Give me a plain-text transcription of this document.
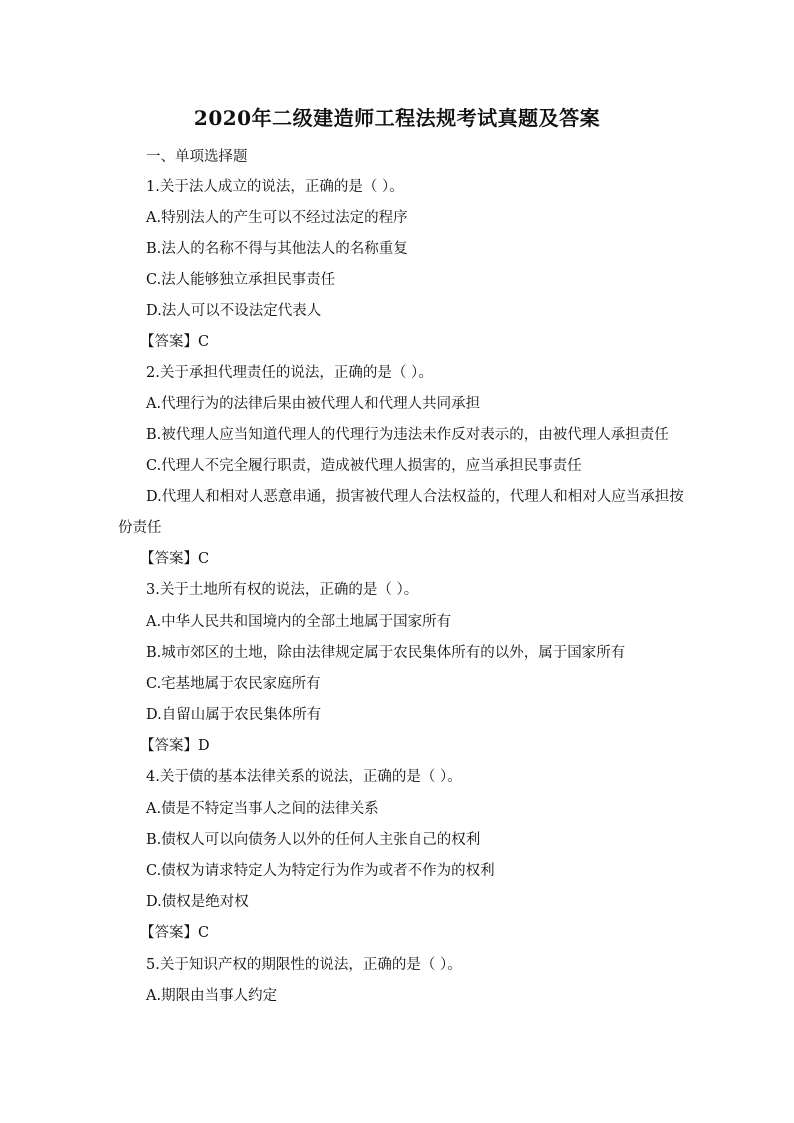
2020年二级建造师工程法规考试真题及答案
一、单项选择题
1.关于法人成立的说法，正确的是（ ）。
A.特别法人的产生可以不经过法定的程序
B.法人的名称不得与其他法人的名称重复
C.法人能够独立承担民事责任
D.法人可以不设法定代表人
【答案】C
2.关于承担代理责任的说法，正确的是（ ）。
A.代理行为的法律后果由被代理人和代理人共同承担
B.被代理人应当知道代理人的代理行为违法未作反对表示的，由被代理人承担责任
C.代理人不完全履行职责，造成被代理人损害的，应当承担民事责任
D.代理人和相对人恶意串通，损害被代理人合法权益的，代理人和相对人应当承担按
份责任
【答案】C
3.关于土地所有权的说法，正确的是（ ）。
A.中华人民共和国境内的全部土地属于国家所有
B.城市郊区的土地，除由法律规定属于农民集体所有的以外，属于国家所有
C.宅基地属于农民家庭所有
D.自留山属于农民集体所有
【答案】D
4.关于债的基本法律关系的说法，正确的是（ ）。
A.债是不特定当事人之间的法律关系
B.债权人可以向债务人以外的任何人主张自己的权利
C.债权为请求特定人为特定行为作为或者不作为的权利
D.债权是绝对权
【答案】C
5.关于知识产权的期限性的说法，正确的是（ ）。
A.期限由当事人约定
